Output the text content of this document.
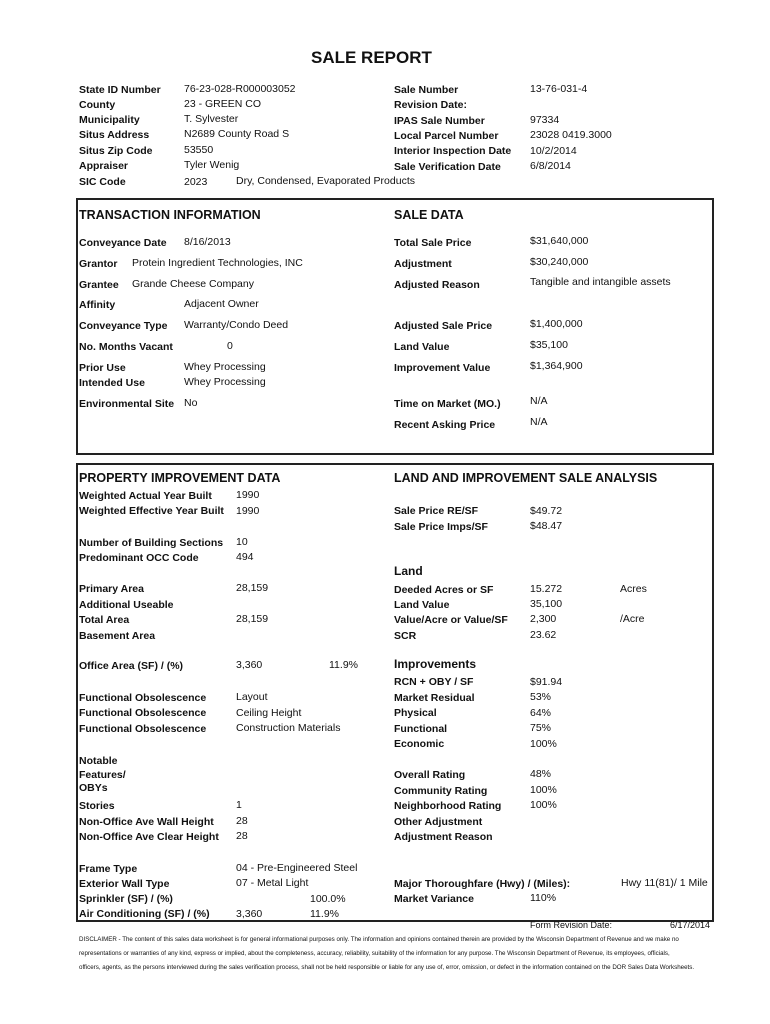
SALE REPORT
State ID Number 76-23-028-R000003052
County	23 - GREEN CO
Municipality	T. Sylvester
Situs Address	N2689 County Road S
Situs Zip Code	53550
Appraiser	Tyler Wenig
SIC Code	2023	Dry, Condensed, Evaporated Products
Sale Number	13-76-031-4
Revision Date:
IPAS Sale Number	97334
Local Parcel Number	23028 0419.3000
Interior Inspection Date 10/2/2014
Sale Verification Date	6/8/2014
TRANSACTION INFORMATION	SALE DATA
Conveyance Date 8/16/2013
Grantor Protein Ingredient Technologies, INC
Grantee Grande Cheese Company
Affinity	Adjacent Owner
Conveyance Type Warranty/Condo Deed
No. Months Vacant	0
Prior Use	Whey Processing
Intended Use	Whey Processing
Environmental Site No
Total Sale Price	$31,640,000
Adjustment	$30,240,000
Adjusted Reason	Tangible and intangible assets
Adjusted Sale Price	$1,400,000
Land Value	$35,100
Improvement Value	$1,364,900
Time on Market (MO.)	N/A
Recent Asking Price	N/A
PROPERTY IMPROVEMENT DATA	LAND AND IMPROVEMENT SALE ANALYSIS
Weighted Actual Year Built 1990
Weighted Effective Year Built 1990
Number of Building Sections 10
Predominant OCC Code	494
Primary Area	28,159
Additional Useable
Total Area	28,159
Basement Area
Office Area (SF) / (%)	3,360	11.9%
Functional Obsolescence	Layout
Functional Obsolescence	Ceiling Height
Functional Obsolescence	Construction Materials
Notable
Features/
OBYs
Stories	1
Non-Office Ave Wall Height 28
Non-Office Ave Clear Height 28
Frame Type	04 - Pre-Engineered Steel
Exterior Wall Type	07 - Metal Light
Sprinkler (SF) / (%)	100.0%
Air Conditioning (SF) / (%)	3,360	11.9%
Sale Price RE/SF	$49.72
Sale Price Imps/SF	$48.47
Land
Deeded Acres or SF	15.272	Acres
Land Value	35,100
Value/Acre or Value/SF 2,300	/Acre
SCR	23.62
Improvements
RCN + OBY / SF	$91.94
Market Residual	53%
Physical	64%
Functional	75%
Economic	100%
Overall Rating	48%
Community Rating	100%
Neighborhood Rating	100%
Other Adjustment
Adjustment Reason
Major Thoroughfare (Hwy) / (Miles):	Hwy 11(81)/ 1 Mile
Market Variance	110%
Form Revision Date:	6/17/2014
DISCLAIMER - The content of this sales data worksheet is for general informational purposes only. The information and opinions contained therein are provided by the Wisconsin Department of Revenue and we make no
representations or warranties of any kind, express or implied, about the completeness, accuracy, reliability, suitability of the information for any purpose. The Wisconsin Department of Revenue, its employees, officials,
officers, agents, as the persons interviewed during the sales verification process, shall not be held responsible or liable for any use of, error, omission, or defect in the information contained on the DOR Sales Data Worksheets.
